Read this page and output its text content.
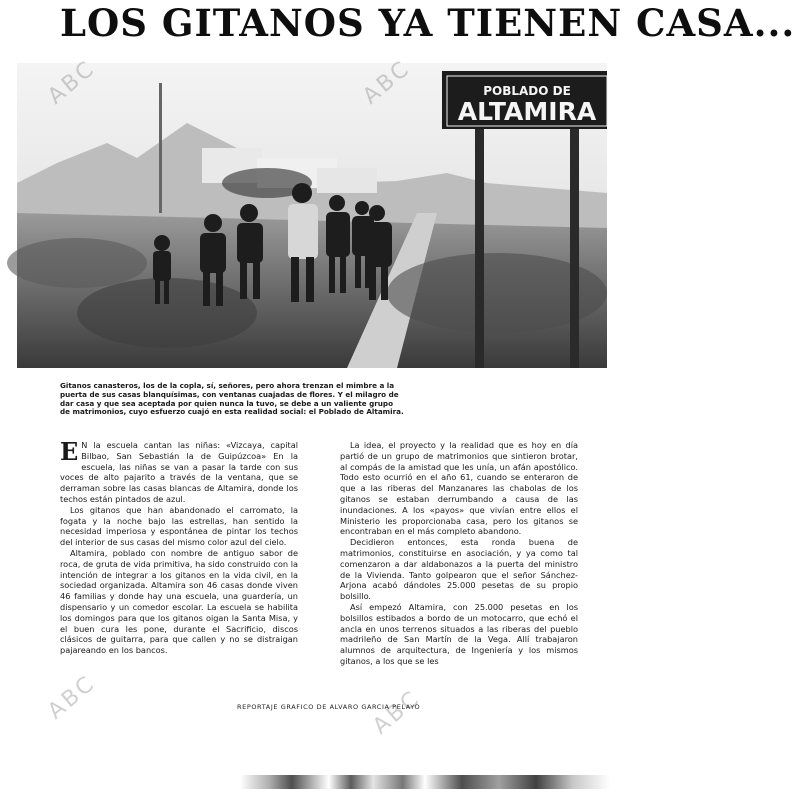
LOS GITANOS YA TIENEN CASA...
POBLADO DE
ALTAMIRA
ABC	ABC
ABC	ABC
Gitanos canasteros, los de la copla, sí, señores, pero ahora trenzan el mimbre a la puerta de sus casas blanquísimas, con ventanas cuajadas de flores. Y el milagro de dar casa y que sea aceptada por quien nunca la tuvo, se debe a un valiente grupo de matrimonios, cuyo esfuerzo cuajó en esta realidad social: el Poblado de Altamira.

E N la escuela cantan las niñas: «Vizcaya, capital Bilbao, San Sebastián la de Guipúzcoa» En la escuela, las niñas se van a pasar la tarde con sus voces de alto pajarito a través de la ventana, que se derraman sobre las casas blancas de Altamira, donde los techos están pintados de azul.

Los gitanos que han abandonado el carromato, la fogata y la noche bajo las estrellas, han sentido la necesidad imperiosa y espontánea de pintar los techos del interior de sus casas del mismo color azul del cielo.

Altamira, poblado con nombre de antiguo sabor de roca, de gruta de vida primitiva, ha sido construido con la intención de integrar a los gitanos en la vida civil, en la sociedad organizada. Altamira son 46 casas donde viven 46 familias y donde hay una escuela, una guardería, un dispensario y un comedor escolar. La escuela se habilita los domingos para que los gitanos oigan la Santa Misa, y el buen cura les pone, durante el Sacrificio, discos clásicos de guitarra, para que callen y no se distraigan pajareando en los bancos.

La idea, el proyecto y la realidad que es hoy en día partió de un grupo de matrimonios que sintieron brotar, al compás de la amistad que les unía, un afán apostólico. Todo esto ocurrió en el año 61, cuando se enteraron de que a las riberas del Manzanares las chabolas de los gitanos se estaban derrumbando a causa de las inundaciones. A los «payos» que vivían entre ellos el Ministerio les proporcionaba casa, pero los gitanos se encontraban en el más completo abandono.

Decidieron entonces, esta ronda buena de matrimonios, constituirse en asociación, y ya como tal comenzaron a dar aldabonazos a la puerta del ministro de la Vivienda. Tanto golpearon que el señor Sánchez-Arjona acabó dándoles 25.000 pesetas de su propio bolsillo.

Así empezó Altamira, con 25.000 pesetas en los bolsillos estibados a bordo de un motocarro, que echó el ancla en unos terrenos situados a las riberas del pueblo madrileño de San Martín de la Vega. Allí trabajaron alumnos de arquitectura, de Ingeniería y los mismos gitanos, a los que se les

REPORTAJE GRAFICO DE ALVARO GARCIA PELAYO
